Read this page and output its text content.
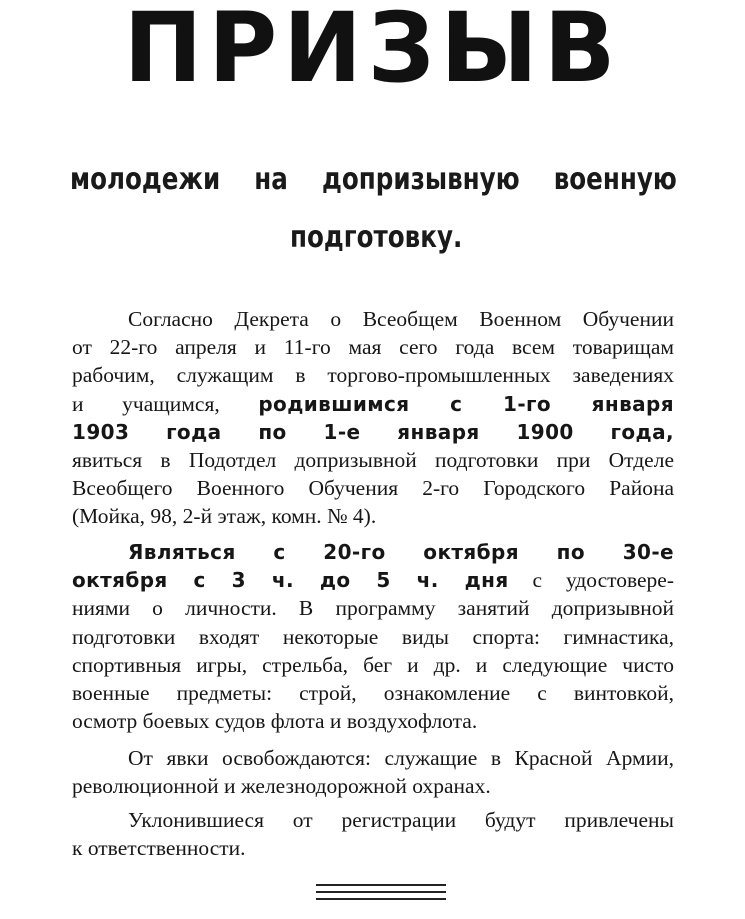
ПРИЗЫВ
молодежи на допризывную военную
подготовку.
Согласно Декрета о Всеобщем Военном Обучении
от 22-го апреля и 11-го мая сего года всем товарищам
рабочим, служащим в торгово-промышленных заведениях
и учащимся, родившимся с 1-го января
1903 года по 1-е января 1900 года,
явиться в Подотдел допризывной подготовки при Отделе
Всеобщего Военного Обучения 2-го Городского Района
(Мойка, 98, 2-й этаж, комн. № 4).
Являться с 20-го октября по 30-е
октября с 3 ч. до 5 ч. дня с удостовере-
ниями о личности. В программу занятий допризывной
подготовки входят некоторые виды спорта: гимнастика,
спортивныя игры, стрельба, бег и др. и следующие чисто
военные предметы: строй, ознакомление с винтовкой,
осмотр боевых судов флота и воздухофлота.
От явки освобождаются: служащие в Красной Армии,
революционной и железнодорожной охранах.
Уклонившиеся от регистрации будут привлечены
к ответственности.
